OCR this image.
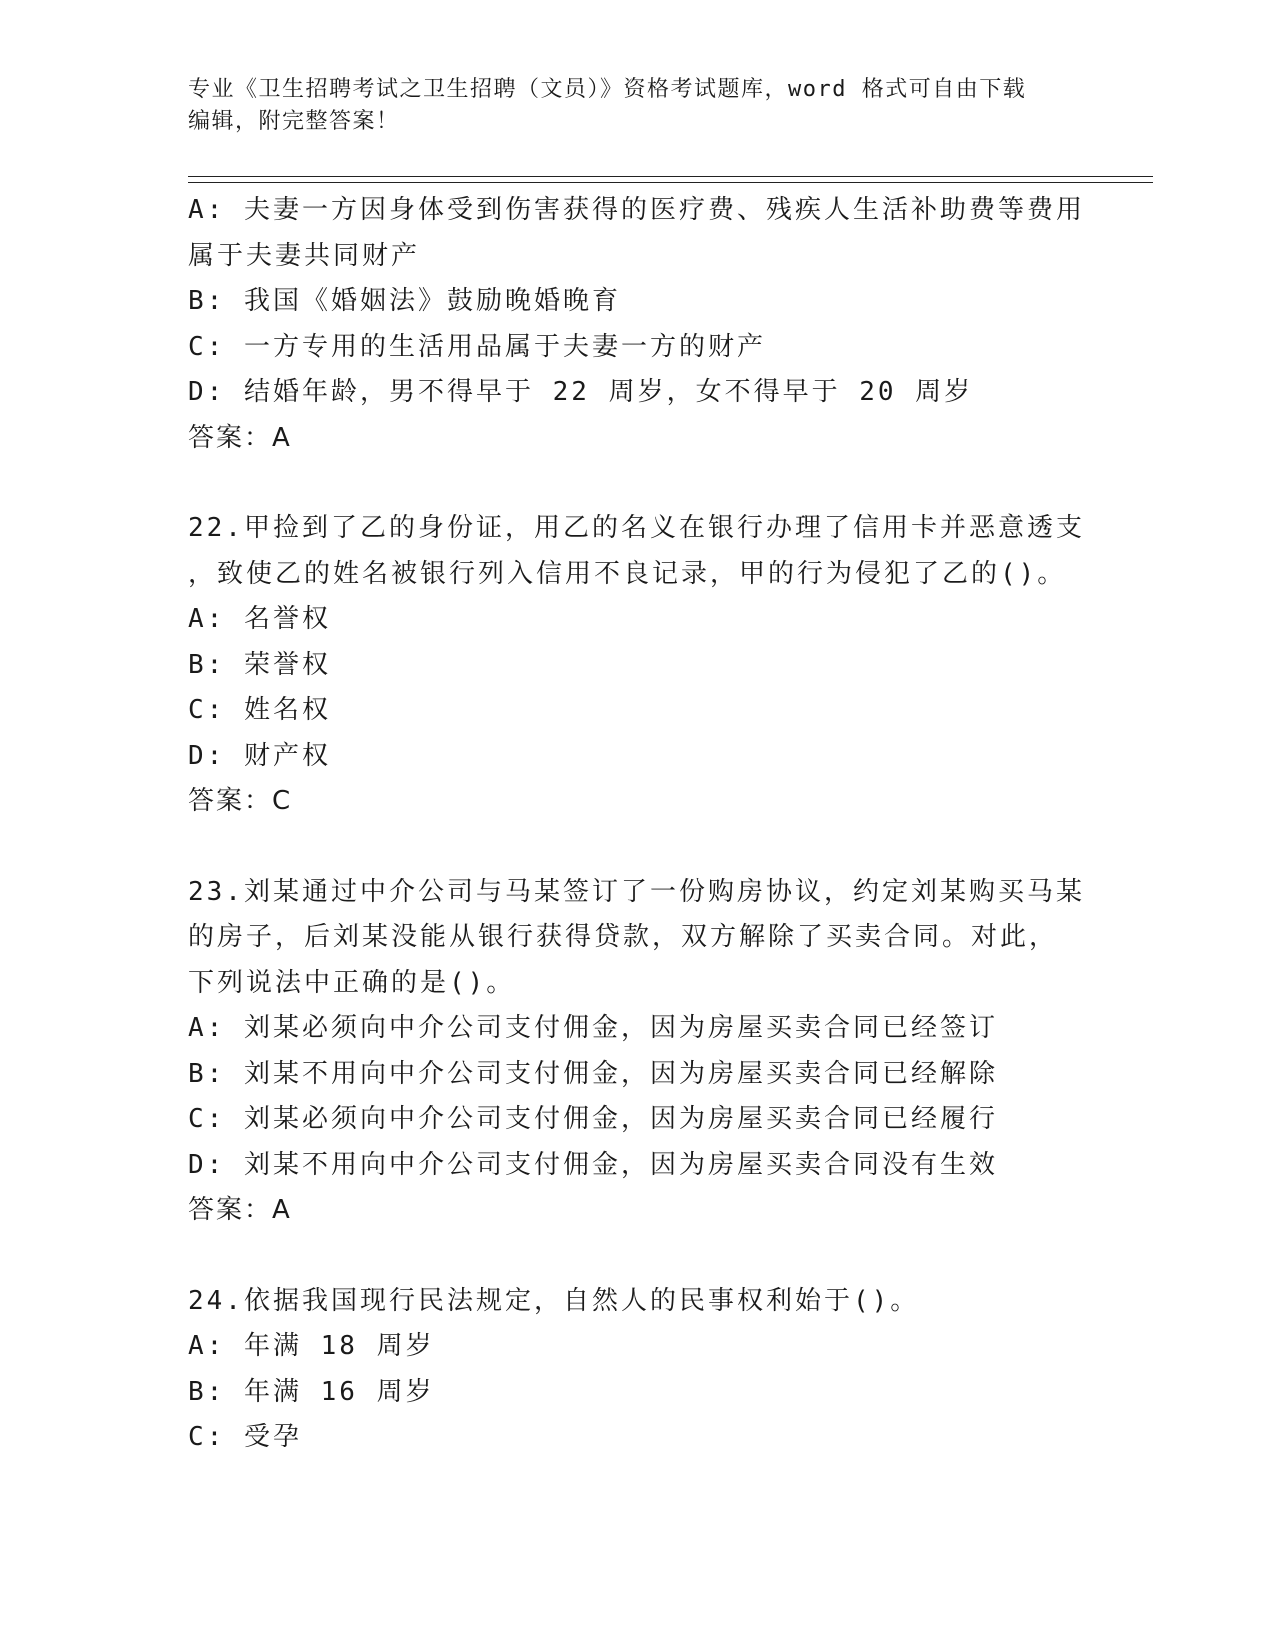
专业《卫生招聘考试之卫生招聘（文员）》资格考试题库，word 格式可自由下载
编辑，附完整答案！
A: 夫妻一方因身体受到伤害获得的医疗费、残疾人生活补助费等费用
属于夫妻共同财产
B: 我国《婚姻法》鼓励晚婚晚育
C: 一方专用的生活用品属于夫妻一方的财产
D: 结婚年龄，男不得早于 22 周岁，女不得早于 20 周岁
答案：A
22.甲捡到了乙的身份证，用乙的名义在银行办理了信用卡并恶意透支
，致使乙的姓名被银行列入信用不良记录，甲的行为侵犯了乙的()。
A: 名誉权
B: 荣誉权
C: 姓名权
D: 财产权
答案：C
23.刘某通过中介公司与马某签订了一份购房协议，约定刘某购买马某
的房子，后刘某没能从银行获得贷款，双方解除了买卖合同。对此，
下列说法中正确的是()。
A: 刘某必须向中介公司支付佣金，因为房屋买卖合同已经签订
B: 刘某不用向中介公司支付佣金，因为房屋买卖合同已经解除
C: 刘某必须向中介公司支付佣金，因为房屋买卖合同已经履行
D: 刘某不用向中介公司支付佣金，因为房屋买卖合同没有生效
答案：A
24.依据我国现行民法规定，自然人的民事权利始于()。
A: 年满 18 周岁
B: 年满 16 周岁
C: 受孕
